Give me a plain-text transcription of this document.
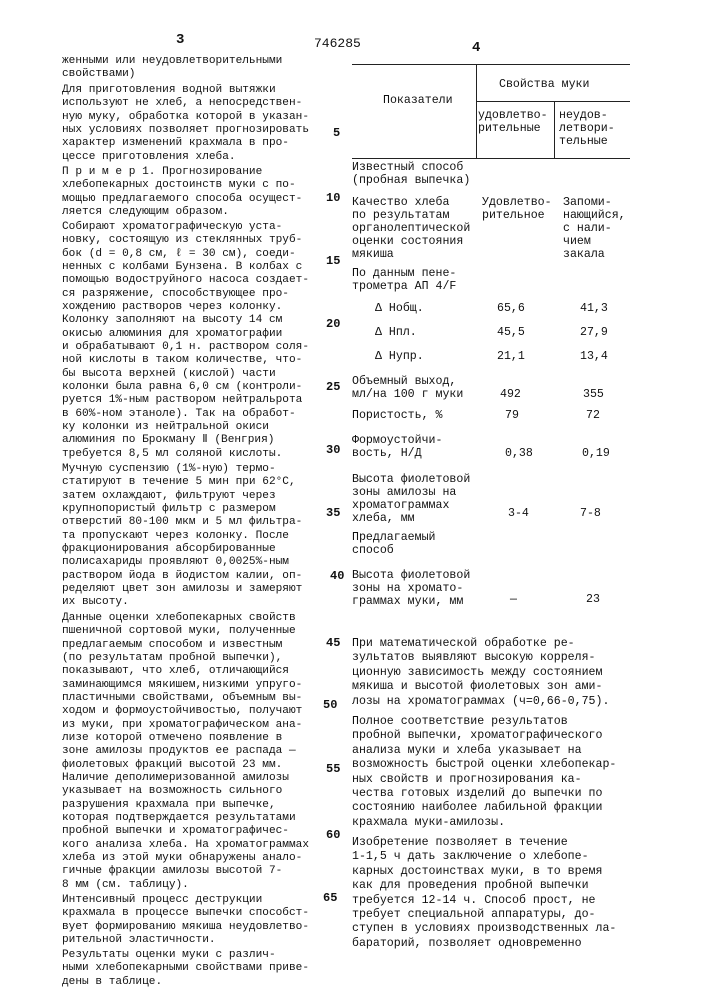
3	746285	4
5
10
15
20
25
30
35
40
45
50
55
60
65
женными или неудовлетворительными
свойствами)
Для приготовления водной вытяжки
используют не хлеб, а непосредствен-
ную муку, обработка которой в указан-
ных условиях позволяет прогнозировать
характер изменений крахмала в про-
цессе приготовления хлеба.
П р и м е р 1. Прогнозирование
хлебопекарных достоинств муки с по-
мощью предлагаемого способа осущест-
ляется следующим образом.
Собирают хроматографическую уста-
новку, состоящую из стеклянных труб-
бок (d = 0,8 см, ℓ = 30 см), соеди-
ненных с колбами Бунзена. В колбах с
помощью водоструйного насоса создает-
ся разряжение, способствующее про-
хождению растворов через колонку.
Колонку заполняют на высоту 14 см
окисью алюминия для хроматографии
и обрабатывают 0,1 н. раствором соля-
ной кислоты в таком количестве, что-
бы высота верхней (кислой) части
колонки была равна 6,0 см (контроли-
руется 1%-ным раствором нейтральрота
в 60%-ном этаноле). Так на обработ-
ку колонки из нейтральной окиси
алюминия по Брокману Ⅱ (Венгрия)
требуется 8,5 мл соляной кислоты.
Мучную суспензию (1%-ную) термо-
статируют в течение 5 мин при 62°С,
затем охлаждают, фильтруют через
крупнопористый фильтр с размером
отверстий 80-100 мкм и 5 мл фильтра-
та пропускают через колонку. После
фракционирования абсорбированные
полисахариды проявляют 0,0025%-ным
раствором йода в йодистом калии, оп-
ределяют цвет зон амилозы и замеряют
их высоту.
Данные оценки хлебопекарных свойств
пшеничной сортовой муки, полученные
предлагаемым способом и известным
(по результатам пробной выпечки),
показывают, что хлеб, отличающийся
заминающимся мякишем,низкими упруго-
пластичными свойствами, объемным вы-
ходом и формоустойчивостью, получают
из муки, при хроматографическом ана-
лизе которой отмечено появление в
зоне амилозы продуктов ее распада —
фиолетовых фракций высотой 23 мм.
Наличие деполимеризованной амилозы
указывает на возможность сильного
разрушения крахмала при выпечке,
которая подтверждается результатами
пробной выпечки и хроматографичес-
кого анализа хлеба. На хроматограммах
хлеба из этой муки обнаружены анало-
гичные фракции амилозы высотой 7-
8 мм (см. таблицу).
Интенсивный процесс деструкции
крахмала в процессе выпечки способст-
вует формированию мякиша неудовлетво-
рительной эластичности.
Результаты оценки муки с различ-
ными хлебопекарными свойствами приве-
дены в таблице.
Показатели
Свойства муки
удовлетво-
рительные
неудов-
летвори-
тельные
Известный способ
(пробная выпечка)
Качество хлеба
по результатам
органолептической
оценки состояния
мякиша
Удовлетво-
рительное
Запоми-
нающийся,
с нали-
чием
закала
По данным пене-
трометра АП 4/F
Δ Hобщ.	65,6	41,3
Δ Hпл.	45,5	27,9
Δ Hупр.	21,1	13,4
Объемный выход,
мл/на 100 г муки	492	355
Пористость, %	79	72
Формоустойчи-
вость, Н/Д	0,38	0,19
Высота фиолетовой
зоны амилозы на
хроматограммах
хлеба, мм	3-4	7-8
Предлагаемый
способ
Высота фиолетовой
зоны на хромато-
граммах муки, мм	—	23
При математической обработке ре-
зультатов выявляют высокую корреля-
ционную зависимость между состоянием
мякиша и высотой фиолетовых зон ами-
лозы на хроматограммах (ч=0,66-0,75).
Полное соответствие результатов
пробной выпечки, хроматографического
анализа муки и хлеба указывает на
возможность быстрой оценки хлебопекар-
ных свойств и прогнозирования ка-
чества готовых изделий до выпечки по
состоянию наиболее лабильной фракции
крахмала муки-амилозы.
Изобретение позволяет в течение
1-1,5 ч дать заключение о хлебопе-
карных достоинствах муки, в то время
как для проведения пробной выпечки
требуется 12-14 ч. Способ прост, не
требует специальной аппаратуры, до-
ступен в условиях производственных ла-
бараторий, позволяет одновременно
